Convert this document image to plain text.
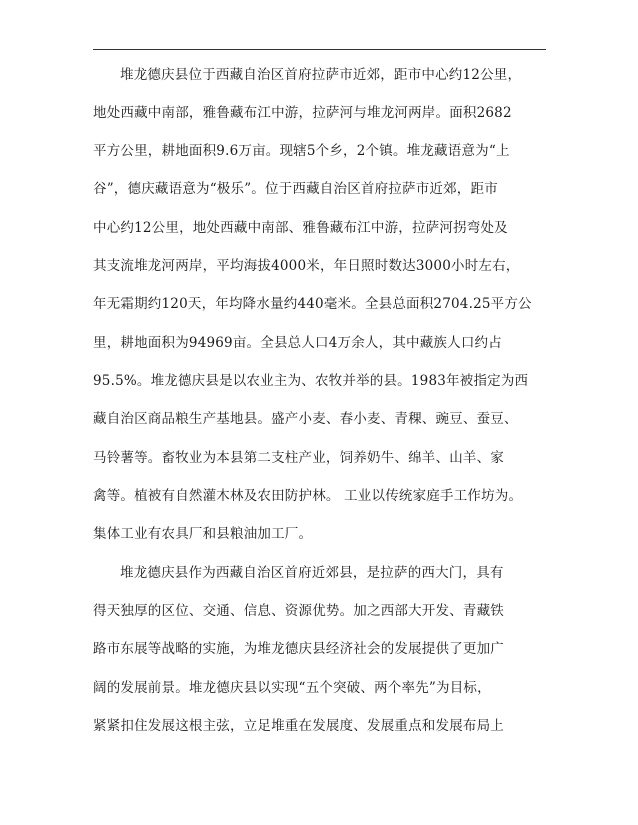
堆龙德庆县位于西藏自治区首府拉萨市近郊，距市中心约12公里，
地处西藏中南部，雅鲁藏布江中游，拉萨河与堆龙河两岸。面积2682
平方公里，耕地面积9.6万亩。现辖5个乡，2个镇。堆龙藏语意为“上
谷”，德庆藏语意为“极乐”。位于西藏自治区首府拉萨市近郊，距市
中心约12公里，地处西藏中南部、雅鲁藏布江中游，拉萨河拐弯处及
其支流堆龙河两岸，平均海拔4000米，年日照时数达3000小时左右，
年无霜期约120天，年均降水量约440毫米。全县总面积2704.25平方公
里，耕地面积为94969亩。全县总人口4万余人，其中藏族人口约占
95.5%。堆龙德庆县是以农业主为、农牧并举的县。1983年被指定为西
藏自治区商品粮生产基地县。盛产小麦、春小麦、青稞、豌豆、蚕豆、
马铃薯等。畜牧业为本县第二支柱产业，饲养奶牛、绵羊、山羊、家
禽等。植被有自然灌木林及农田防护林。 工业以传统家庭手工作坊为。
集体工业有农具厂和县粮油加工厂。
堆龙德庆县作为西藏自治区首府近郊县，是拉萨的西大门，具有
得天独厚的区位、交通、信息、资源优势。加之西部大开发、青藏铁
路市东展等战略的实施，为堆龙德庆县经济社会的发展提供了更加广
阔的发展前景。堆龙德庆县以实现“五个突破、两个率先”为目标，
紧紧扣住发展这根主弦，立足堆重在发展度、发展重点和发展布局上
